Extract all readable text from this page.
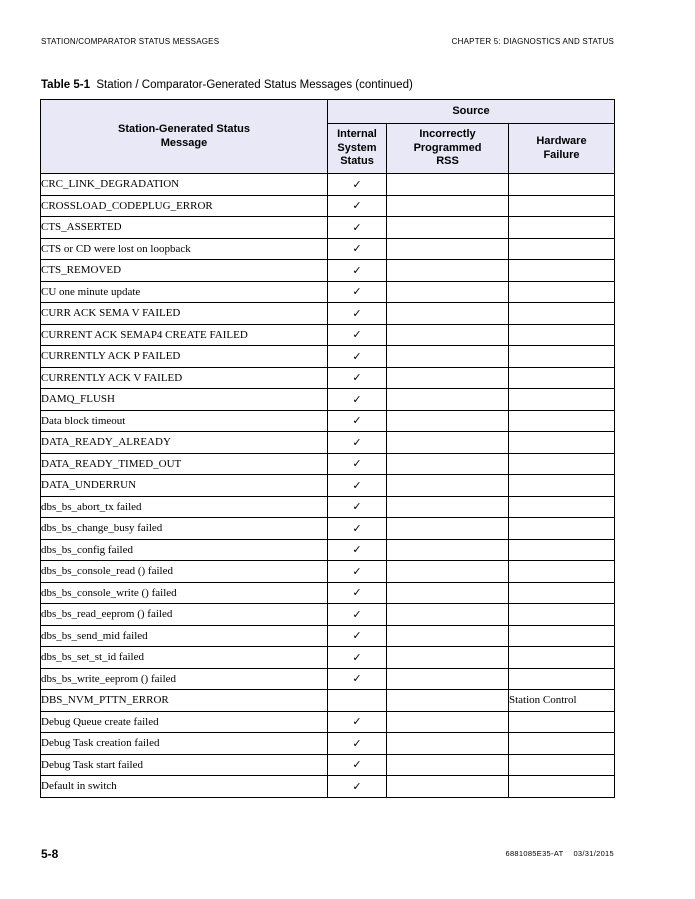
STATION/COMPARATOR STATUS MESSAGES	CHAPTER 5: DIAGNOSTICS AND STATUS
Table 5-1 Station / Comparator-Generated Status Messages (continued)
Station-Generated Status Message	Source		

	Internal System Status	Incorrectly Programmed RSS	Hardware Failure

CRC_LINK_DEGRADATION	✓		
CROSSLOAD_CODEPLUG_ERROR	✓		
CTS_ASSERTED	✓		
CTS or CD were lost on loopback	✓		
CTS_REMOVED	✓		
CU one minute update	✓		
CURR ACK SEMA V FAILED	✓		
CURRENT ACK SEMAP4 CREATE FAILED	✓		
CURRENTLY ACK P FAILED	✓		
CURRENTLY ACK V FAILED	✓		
DAMQ_FLUSH	✓		
Data block timeout	✓		
DATA_READY_ALREADY	✓		
DATA_READY_TIMED_OUT	✓		
DATA_UNDERRUN	✓		
dbs_bs_abort_tx failed	✓		
dbs_bs_change_busy failed	✓		
dbs_bs_config failed	✓		
dbs_bs_console_read () failed	✓		
dbs_bs_console_write () failed	✓		
dbs_bs_read_eeprom () failed	✓		
dbs_bs_send_mid failed	✓		
dbs_bs_set_st_id failed	✓		
dbs_bs_write_eeprom () failed	✓		
DBS_NVM_PTTN_ERROR			Station Control
Debug Queue create failed	✓		
Debug Task creation failed	✓		
Debug Task start failed	✓		
Default in switch	✓		
5-8	6881085E35-AT 03/31/2015
